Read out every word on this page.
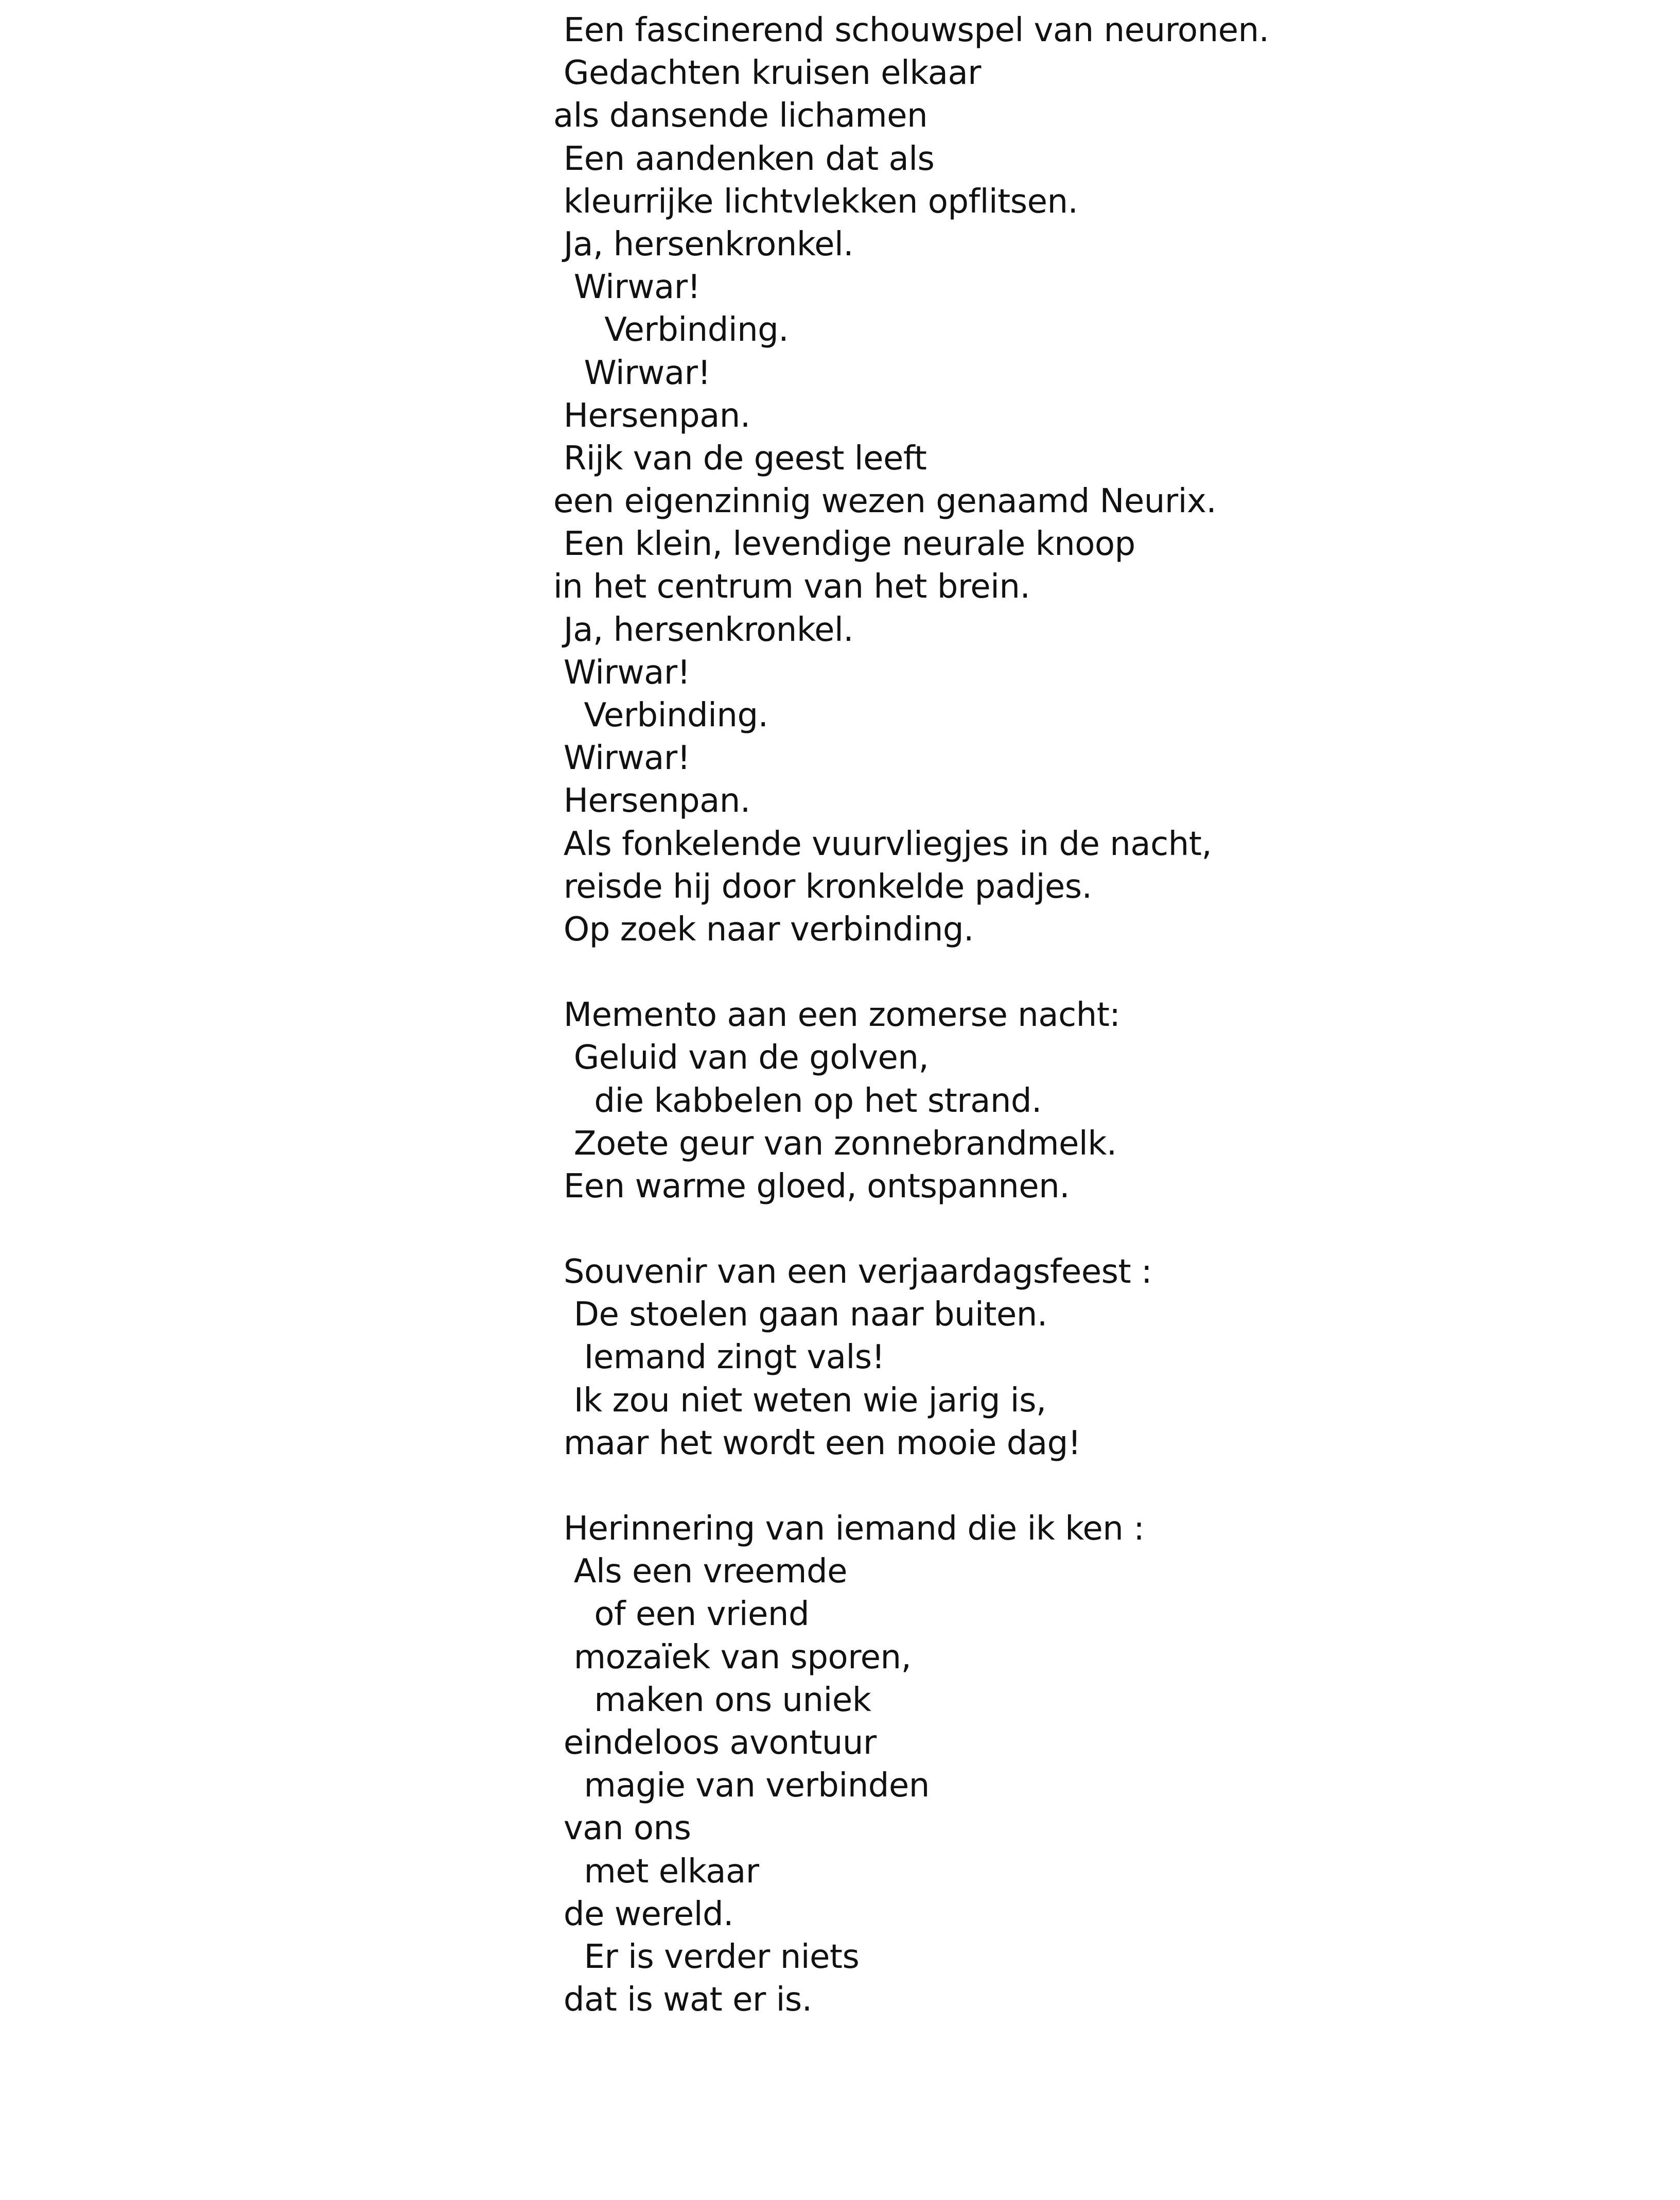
Een fascinerend schouwspel van neuronen.
Gedachten kruisen elkaar
als dansende lichamen
Een aandenken dat als
kleurrijke lichtvlekken opflitsen.
Ja, hersenkronkel.
Wirwar!
Verbinding.
Wirwar!
Hersenpan.
Rijk van de geest leeft
een eigenzinnig wezen genaamd Neurix.
Een klein, levendige neurale knoop
in het centrum van het brein.
Ja, hersenkronkel.
Wirwar!
Verbinding.
Wirwar!
Hersenpan.
Als fonkelende vuurvliegjes in de nacht,
reisde hij door kronkelde padjes.
Op zoek naar verbinding.
Memento aan een zomerse nacht:
Geluid van de golven,
die kabbelen op het strand.
Zoete geur van zonnebrandmelk.
Een warme gloed, ontspannen.
Souvenir van een verjaardagsfeest :
De stoelen gaan naar buiten.
Iemand zingt vals!
Ik zou niet weten wie jarig is,
maar het wordt een mooie dag!
Herinnering van iemand die ik ken :
Als een vreemde
of een vriend
mozaïek van sporen,
maken ons uniek
eindeloos avontuur
magie van verbinden
van ons
met elkaar
de wereld.
Er is verder niets
dat is wat er is.
